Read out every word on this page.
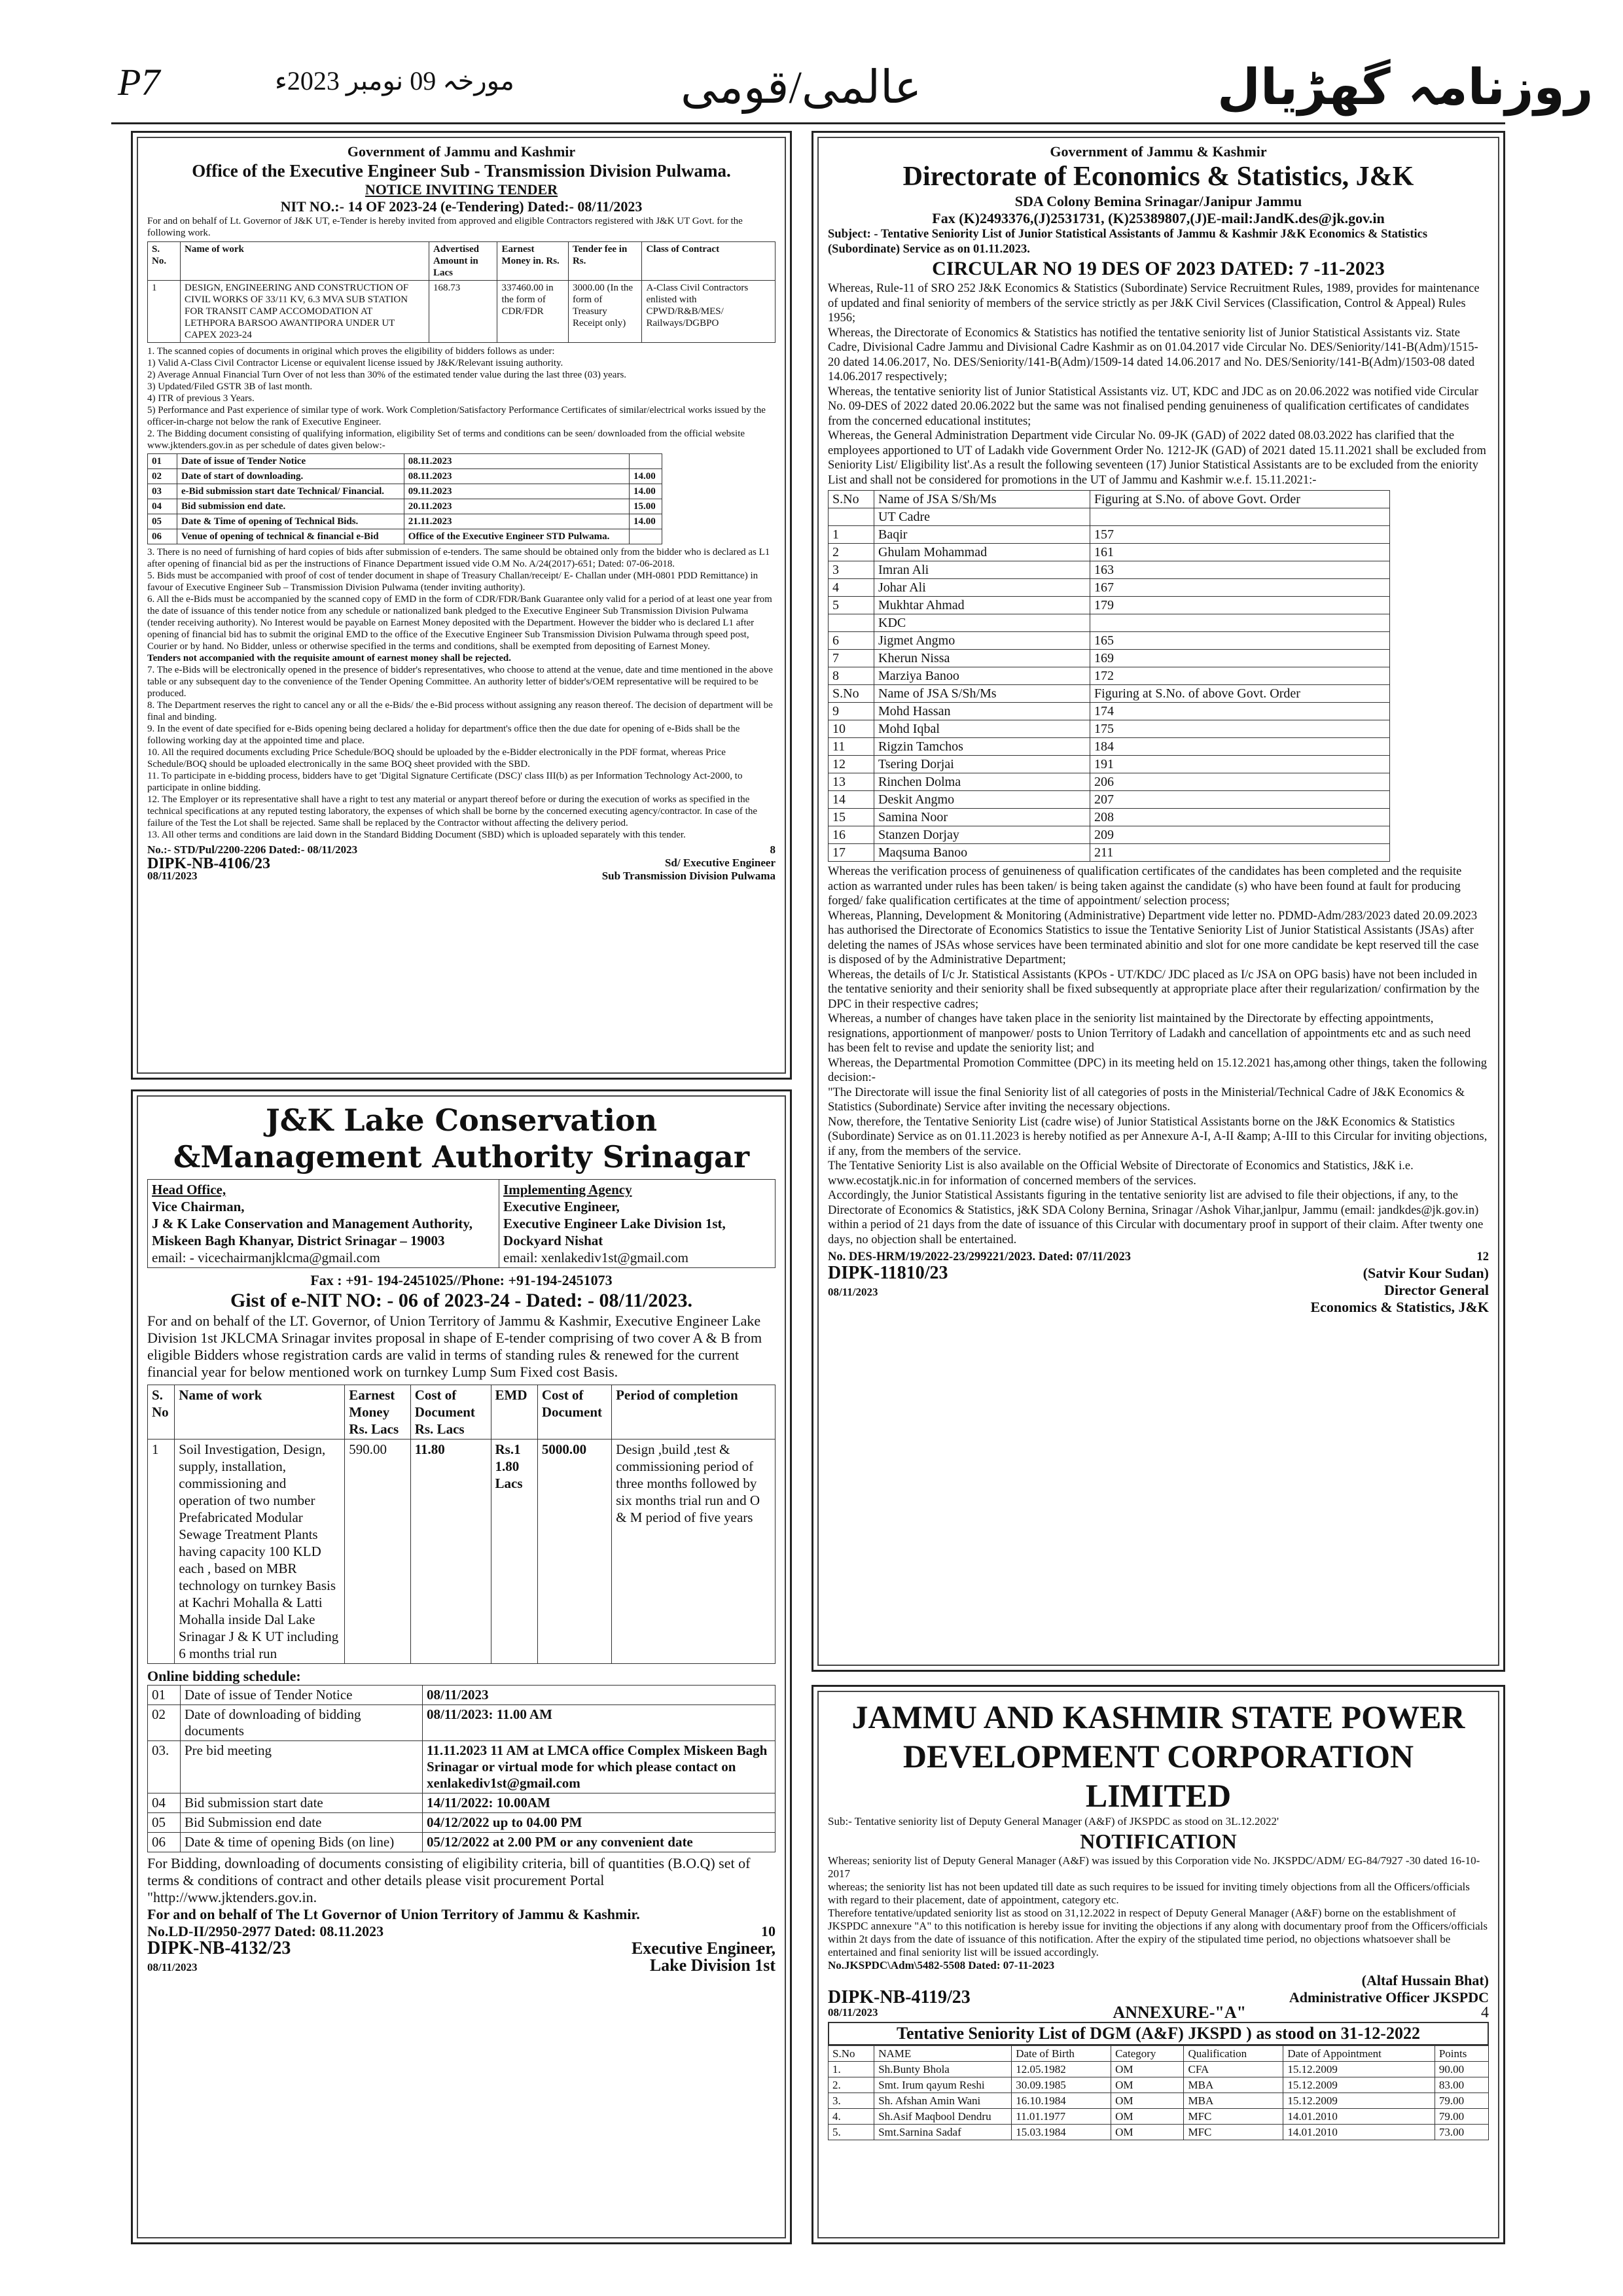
P7	مورخہ 09 نومبر 2023ء	عالمی/قومی	روزنامہ گھڑیال
Government of Jammu and Kashmir
Office of the Executive Engineer Sub - Transmission Division Pulwama.
NOTICE INVITING TENDER
NIT NO.:- 14 OF 2023-24 (e-Tendering) Dated:- 08/11/2023

For and on behalf of Lt. Governor of J&K UT, e-Tender is hereby invited from approved and eligible Contractors registered with J&K UT Govt. for the following work.

S. No.	Name of work	Advertised Amount in Lacs	Earnest Money in. Rs.	Tender fee in Rs.	Class of Contract
1	DESIGN, ENGINEERING AND CONSTRUCTION OF CIVIL WORKS OF 33/11 KV, 6.3 MVA SUB STATION FOR TRANSIT CAMP ACCOMODATION AT LETHPORA BARSOO AWANTIPORA UNDER UT CAPEX 2023-24	168.73	337460.00 in the form of CDR/FDR	3000.00 (In the form of Treasury Receipt only)	A-Class Civil Contractors enlisted with CPWD/R&B/MES/ Railways/DGBPO

1. The scanned copies of documents in original which proves the eligibility of bidders follows as under:

1) Valid A-Class Civil Contractor License or equivalent license issued by J&K/Relevant issuing authority.

2) Average Annual Financial Turn Over of not less than 30% of the estimated tender value during the last three (03) years.

3) Updated/Filed GSTR 3B of last month.

4) ITR of previous 3 Years.

5) Performance and Past experience of similar type of work. Work Completion/Satisfactory Performance Certificates of similar/electrical works issued by the officer-in-charge not below the rank of Executive Engineer.

2. The Bidding document consisting of qualifying information, eligibility Set of terms and conditions can be seen/ downloaded from the official website www.jktenders.gov.in as per schedule of dates given below:-

01	Date of issue of Tender Notice	08.11.2023	
02	Date of start of downloading.	08.11.2023	14.00
03	e-Bid submission start date Technical/ Financial.	09.11.2023	14.00
04	Bid submission end date.	20.11.2023	15.00
05	Date & Time of opening of Technical Bids.	21.11.2023	14.00
06	Venue of opening of technical & financial e-Bid	Office of the Executive Engineer STD Pulwama.	

3. There is no need of furnishing of hard copies of bids after submission of e-tenders. The same should be obtained only from the bidder who is declared as L1 after opening of financial bid as per the instructions of Finance Department issued vide O.M No. A/24(2017)-651; Dated: 07-06-2018.

5. Bids must be accompanied with proof of cost of tender document in shape of Treasury Challan/receipt/ E- Challan under (MH-0801 PDD Remittance) in favour of Executive Engineer Sub – Transmission Division Pulwama (tender inviting authority).

6. All the e-Bids must be accompanied by the scanned copy of EMD in the form of CDR/FDR/Bank Guarantee only valid for a period of at least one year from the date of issuance of this tender notice from any schedule or nationalized bank pledged to the Executive Engineer Sub Transmission Division Pulwama (tender receiving authority). No Interest would be payable on Earnest Money deposited with the Department. However the bidder who is declared L1 after opening of financial bid has to submit the original EMD to the office of the Executive Engineer Sub Transmission Division Pulwama through speed post, Courier or by hand. No Bidder, unless or otherwise specified in the terms and conditions, shall be exempted from depositing of Earnest Money.

Tenders not accompanied with the requisite amount of earnest money shall be rejected.

7. The e-Bids will be electronically opened in the presence of bidder's representatives, who choose to attend at the venue, date and time mentioned in the above table or any subsequent day to the convenience of the Tender Opening Committee. An authority letter of bidder's/OEM representative will be required to be produced.

8. The Department reserves the right to cancel any or all the e-Bids/ the e-Bid process without assigning any reason thereof. The decision of department will be final and binding.

9. In the event of date specified for e-Bids opening being declared a holiday for department's office then the due date for opening of e-Bids shall be the following working day at the appointed time and place.

10. All the required documents excluding Price Schedule/BOQ should be uploaded by the e-Bidder electronically in the PDF format, whereas Price Schedule/BOQ should be uploaded electronically in the same BOQ sheet provided with the SBD.

11. To participate in e-bidding process, bidders have to get 'Digital Signature Certificate (DSC)' class III(b) as per Information Technology Act-2000, to participate in online bidding.

12. The Employer or its representative shall have a right to test any material or anypart thereof before or during the execution of works as specified in the technical specifications at any reputed testing laboratory, the expenses of which shall be borne by the concerned executing agency/contractor. In case of the failure of the Test the Lot shall be rejected. Same shall be replaced by the Contractor without affecting the delivery period.

13. All other terms and conditions are laid down in the Standard Bidding Document (SBD) which is uploaded separately with this tender.

No.:- STD/Pul/2200-2206 Dated:- 08/11/2023	8
DIPK-NB-4106/23	Sd/ Executive Engineer
08/11/2023	Sub Transmission Division Pulwama
J&K Lake Conservation &Management Authority Srinagar
Head Office,
Vice Chairman,
J & K Lake Conservation and Management Authority,
Miskeen Bagh Khanyar, District Srinagar – 19003
email: - vicechairmanjklcma@gmail.com

Implementing Agency
Executive Engineer,
Executive Engineer Lake Division 1st,
Dockyard Nishat
email: xenlakediv1st@gmail.com
Fax : +91- 194-2451025//Phone: +91-194-2451073
Gist of e-NIT NO: - 06 of 2023-24 - Dated: - 08/11/2023.

For and on behalf of the LT. Governor, of Union Territory of Jammu & Kashmir, Executive Engineer Lake Division 1st JKLCMA Srinagar invites proposal in shape of E-tender comprising of two cover A & B from eligible Bidders whose registration cards are valid in terms of standing rules & renewed for the current financial year for below mentioned work on turnkey Lump Sum Fixed cost Basis.

S. No	Name of work	Earnest Money Rs. Lacs	Cost of Document Rs. Lacs	EMD	Cost of Document	Period of completion
1	Soil Investigation, Design, supply, installation, commissioning and operation of two number Prefabricated Modular Sewage Treatment Plants having capacity 100 KLD each , based on MBR technology on turnkey Basis at Kachri Mohalla & Latti Mohalla inside Dal Lake Srinagar J & K UT including 6 months trial run	590.00	11.80	Rs.1 1.80 Lacs	5000.00	Design ,build ,test & commissioning period of three months followed by six months trial run and O & M period of five years
Online bidding schedule:
01	Date of issue of Tender Notice	08/11/2023
02	Date of downloading of bidding documents	08/11/2023: 11.00 AM
03.	Pre bid meeting	11.11.2023 11 AM at LMCA office Complex Miskeen Bagh Srinagar or virtual mode for which please contact on xenlakediv1st@gmail.com
04	Bid submission start date	14/11/2022: 10.00AM
05	Bid Submission end date	04/12/2022 up to 04.00 PM
06	Date & time of opening Bids (on line)	05/12/2022 at 2.00 PM or any convenient date

For Bidding, downloading of documents consisting of eligibility criteria, bill of quantities (B.O.Q) set of terms & conditions of contract and other details please visit procurement Portal "http://www.jktenders.gov.in.

For and on behalf of The Lt Governor of Union Territory of Jammu & Kashmir.

No.LD-II/2950-2977 Dated: 08.11.2023	10
DIPK-NB-4132/23	Executive Engineer,
08/11/2023	Lake Division 1st
Government of Jammu & Kashmir
Directorate of Economics & Statistics, J&K
SDA Colony Bemina Srinagar/Janipur Jammu
Fax (K)2493376,(J)2531731, (K)25389807,(J)E-mail:JandK.des@jk.gov.in

Subject: - Tentative Seniority List of Junior Statistical Assistants of Jammu & Kashmir J&K Economics & Statistics (Subordinate) Service as on 01.11.2023.

CIRCULAR NO 19 DES OF 2023 DATED: 7 -11-2023

Whereas, Rule-11 of SRO 252 J&K Economics & Statistics (Subordinate) Service Recruitment Rules, 1989, provides for maintenance of updated and final seniority of members of the service strictly as per J&K Civil Services (Classification, Control & Appeal) Rules 1956;

Whereas, the Directorate of Economics & Statistics has notified the tentative seniority list of Junior Statistical Assistants viz. State Cadre, Divisional Cadre Jammu and Divisional Cadre Kashmir as on 01.04.2017 vide Circular No. DES/Seniority/141-B(Adm)/1515-20 dated 14.06.2017, No. DES/Seniority/141-B(Adm)/1509-14 dated 14.06.2017 and No. DES/Seniority/141-B(Adm)/1503-08 dated 14.06.2017 respectively;

Whereas, the tentative seniority list of Junior Statistical Assistants viz. UT, KDC and JDC as on 20.06.2022 was notified vide Circular No. 09-DES of 2022 dated 20.06.2022 but the same was not finalised pending genuineness of qualification certificates of candidates from the concerned educational institutes;

Whereas, the General Administration Department vide Circular No. 09-JK (GAD) of 2022 dated 08.03.2022 has clarified that the employees apportioned to UT of Ladakh vide Government Order No. 1212-JK (GAD) of 2021 dated 15.11.2021 shall be excluded from Seniority List/ Eligibility list'.As a result the following seventeen (17) Junior Statistical Assistants are to be excluded from the eniority List and shall not be considered for promotions in the UT of Jammu and Kashmir w.e.f. 15.11.2021:-

S.No	Name of JSA S/Sh/Ms	Figuring at S.No. of above Govt. Order
	UT Cadre	
1	Baqir	157
2	Ghulam Mohammad	161
3	Imran Ali	163
4	Johar Ali	167
5	Mukhtar Ahmad	179
	KDC	
6	Jigmet Angmo	165
7	Kherun Nissa	169
8	Marziya Banoo	172
S.No	Name of JSA S/Sh/Ms	Figuring at S.No. of above Govt. Order
9	Mohd Hassan	174
10	Mohd Iqbal	175
11	Rigzin Tamchos	184
12	Tsering Dorjai	191
13	Rinchen Dolma	206
14	Deskit Angmo	207
15	Samina Noor	208
16	Stanzen Dorjay	209
17	Maqsuma Banoo	211

Whereas the verification process of genuineness of qualification certificates of the candidates has been completed and the requisite action as warranted under rules has been taken/ is being taken against the candidate (s) who have been found at fault for producing forged/ fake qualification certificates at the time of appointment/ selection process;

Whereas, Planning, Development & Monitoring (Administrative) Department vide letter no. PDMD-Adm/283/2023 dated 20.09.2023 has authorised the Directorate of Economics Statistics to issue the Tentative Seniority List of Junior Statistical Assistants (JSAs) after deleting the names of JSAs whose services have been terminated abinitio and slot for one more candidate be kept reserved till the case is disposed of by the Administrative Department;

Whereas, the details of I/c Jr. Statistical Assistants (KPOs - UT/KDC/ JDC placed as I/c JSA on OPG basis) have not been included in the tentative seniority and their seniority shall be fixed subsequently at appropriate place after their regularization/ confirmation by the DPC in their respective cadres;

Whereas, a number of changes have taken place in the seniority list maintained by the Directorate by effecting appointments, resignations, apportionment of manpower/ posts to Union Territory of Ladakh and cancellation of appointments etc and as such need has been felt to revise and update the seniority list; and

Whereas, the Departmental Promotion Committee (DPC) in its meeting held on 15.12.2021 has,among other things, taken the following decision:-

"The Directorate will issue the final Seniority list of all categories of posts in the Ministerial/Technical Cadre of J&K Economics & Statistics (Subordinate) Service after inviting the necessary objections.

Now, therefore, the Tentative Seniority List (cadre wise) of Junior Statistical Assistants borne on the J&K Economics & Statistics (Subordinate) Service as on 01.11.2023 is hereby notified as per Annexure A-I, A-II &amp; A-III to this Circular for inviting objections, if any, from the members of the service.

The Tentative Seniority List is also available on the Official Website of Directorate of Economics and Statistics, J&K i.e. www.ecostatjk.nic.in for information of concerned members of the services.

Accordingly, the Junior Statistical Assistants figuring in the tentative seniority list are advised to file their objections, if any, to the Directorate of Economics & Statistics, j&K SDA Colony Bernina, Srinagar /Ashok Vihar,janlpur, Jammu (email: jandkdes@jk.gov.in) within a period of 21 days from the date of issuance of this Circular with documentary proof in support of their claim. After twenty one days, no objection shall be entertained.

No. DES-HRM/19/2022-23/299221/2023. Dated: 07/11/2023	12
DIPK-11810/23	(Satvir Kour Sudan)
08/11/2023	Director General
Economics & Statistics, J&K
JAMMU AND KASHMIR STATE POWER
DEVELOPMENT CORPORATION LIMITED

Sub:- Tentative seniority list of Deputy General Manager (A&F) of JKSPDC as stood on 3L.12.2022'

NOTIFICATION

Whereas; seniority list of Deputy General Manager (A&F) was issued by this Corporation vide No. JKSPDC/ADM/ EG-84/7927 -30 dated 16-10-2017

whereas; the seniority list has not been updated till date as such requires to be issued for inviting timely objections from all the Officers/officials with regard to their placement, date of appointment, category etc.

Therefore tentative/updated seniority list as stood on 31,12.2022 in respect of Deputy General Manager (A&F) borne on the establishment of JKSPDC annexure "A" to this notification is hereby issue for inviting the objections if any along with documentary proof from the Officers/officials within 2t days from the date of issuance of this notification. After the expiry of the stipulated time period, no objections whatsoever shall be entertained and final seniority list will be issued accordingly.

No.JKSPDC\Adm\5482-5508 Dated: 07-11-2023

(Altaf Hussain Bhat)
DIPK-NB-4119/23	Administrative Officer JKSPDC
08/11/2023	ANNEXURE-"A"	4
Tentative Seniority List of DGM (A&F) JKSPD ) as stood on 31-12-2022
S.No	NAME	Date of Birth	Category	Qualification	Date of Appointment	Points
1.	Sh.Bunty Bhola	12.05.1982	OM	CFA	15.12.2009	90.00
2.	Smt. Irum qayum Reshi	30.09.1985	OM	MBA	15.12.2009	83.00
3.	Sh. Afshan Amin Wani	16.10.1984	OM	MBA	15.12.2009	79.00
4.	Sh.Asif Maqbool Dendru	11.01.1977	OM	MFC	14.01.2010	79.00
5.	Smt.Sarnina Sadaf	15.03.1984	OM	MFC	14.01.2010	73.00
